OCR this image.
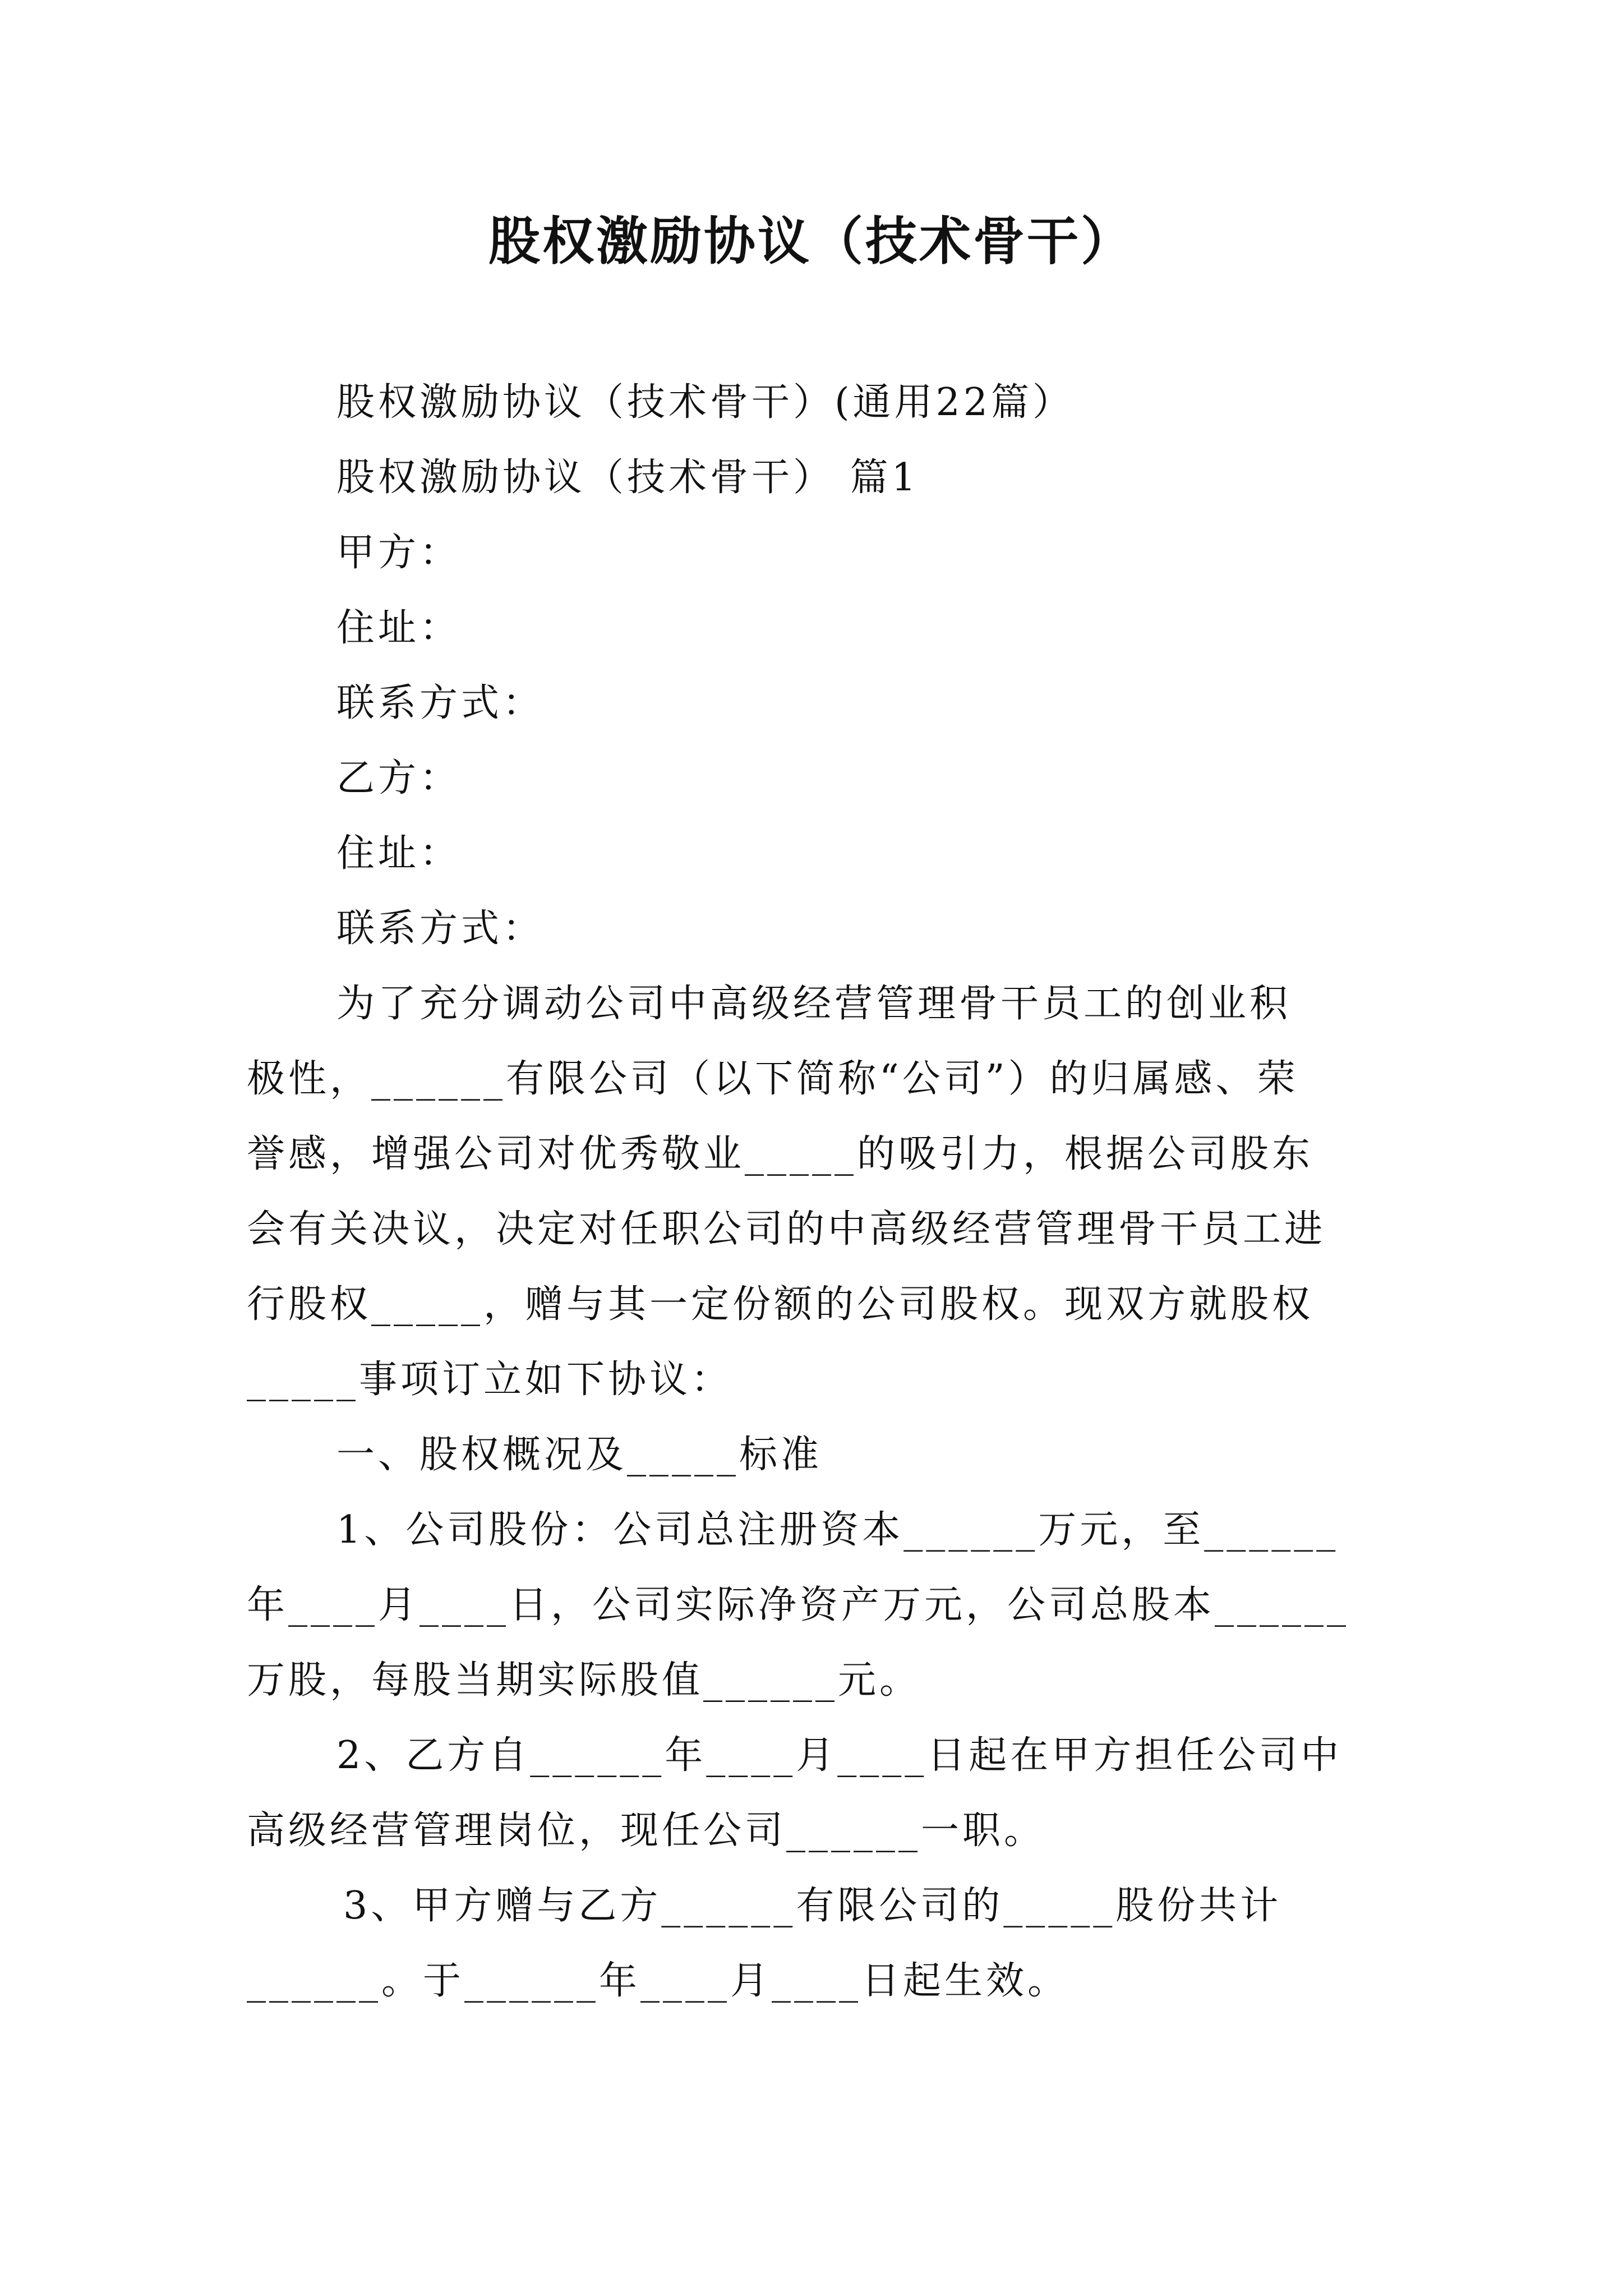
股权激励协议（技术骨干）
股权激励协议（技术骨干）(通用22篇）
股权激励协议（技术骨干） 篇1
甲方：
住址：
联系方式：
乙方：
住址：
联系方式：
为了充分调动公司中高级经营管理骨干员工的创业积
极性，______有限公司（以下简称“公司”）的归属感、荣
誉感，增强公司对优秀敬业_____的吸引力，根据公司股东
会有关决议，决定对任职公司的中高级经营管理骨干员工进
行股权_____，赠与其一定份额的公司股权。现双方就股权
_____事项订立如下协议：
一、股权概况及_____标准
1、公司股份：公司总注册资本______万元，至______
年____月____日，公司实际净资产万元，公司总股本______
万股，每股当期实际股值______元。
2、乙方自______年____月____日起在甲方担任公司中
高级经营管理岗位，现任公司______一职。
3、甲方赠与乙方______有限公司的_____股份共计
______。于______年____月____日起生效。
